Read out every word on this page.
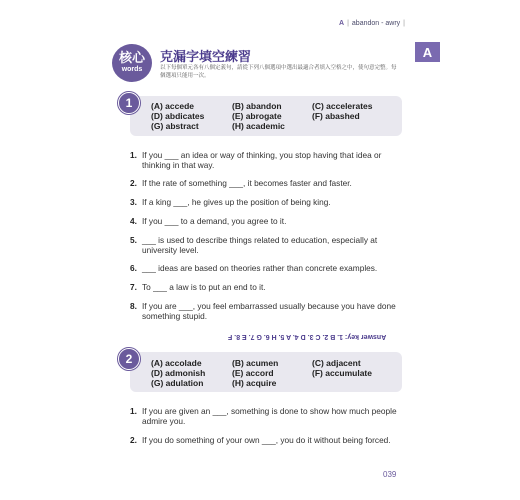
A | abandon - awry |
A
核心
words
克漏字填空練習
以下每個單元各有八個定義句，請從下列八個選項中選出最適合者填入空格之中，使句意完整。每個選項只能用一次。
1	(A) accede	(B) abandon	(C) accelerates
(D) abdicates	(E) abrogate	(F) abashed
(G) abstract	(H) academic
1. If you ___ an idea or way of thinking, you stop having that idea or thinking in that way.
2. If the rate of something ___, it becomes faster and faster.
3. If a king ___, he gives up the position of being king.
4. If you ___ to a demand, you agree to it.
5. ___ is used to describe things related to education, especially at university level.
6. ___ ideas are based on theories rather than concrete examples.
7. To ___ a law is to put an end to it.
8. If you are ___, you feel embarrassed usually because you have done something stupid.
Answer key: 1. B 2. C 3. D 4. A 5. H 6. G 7. E 8. F
2	(A) accolade	(B) acumen	(C) adjacent
(D) admonish	(E) accord	(F) accumulate
(G) adulation	(H) acquire
1. If you are given an ___, something is done to show how much people admire you.
2. If you do something of your own ___, you do it without being forced.
039
